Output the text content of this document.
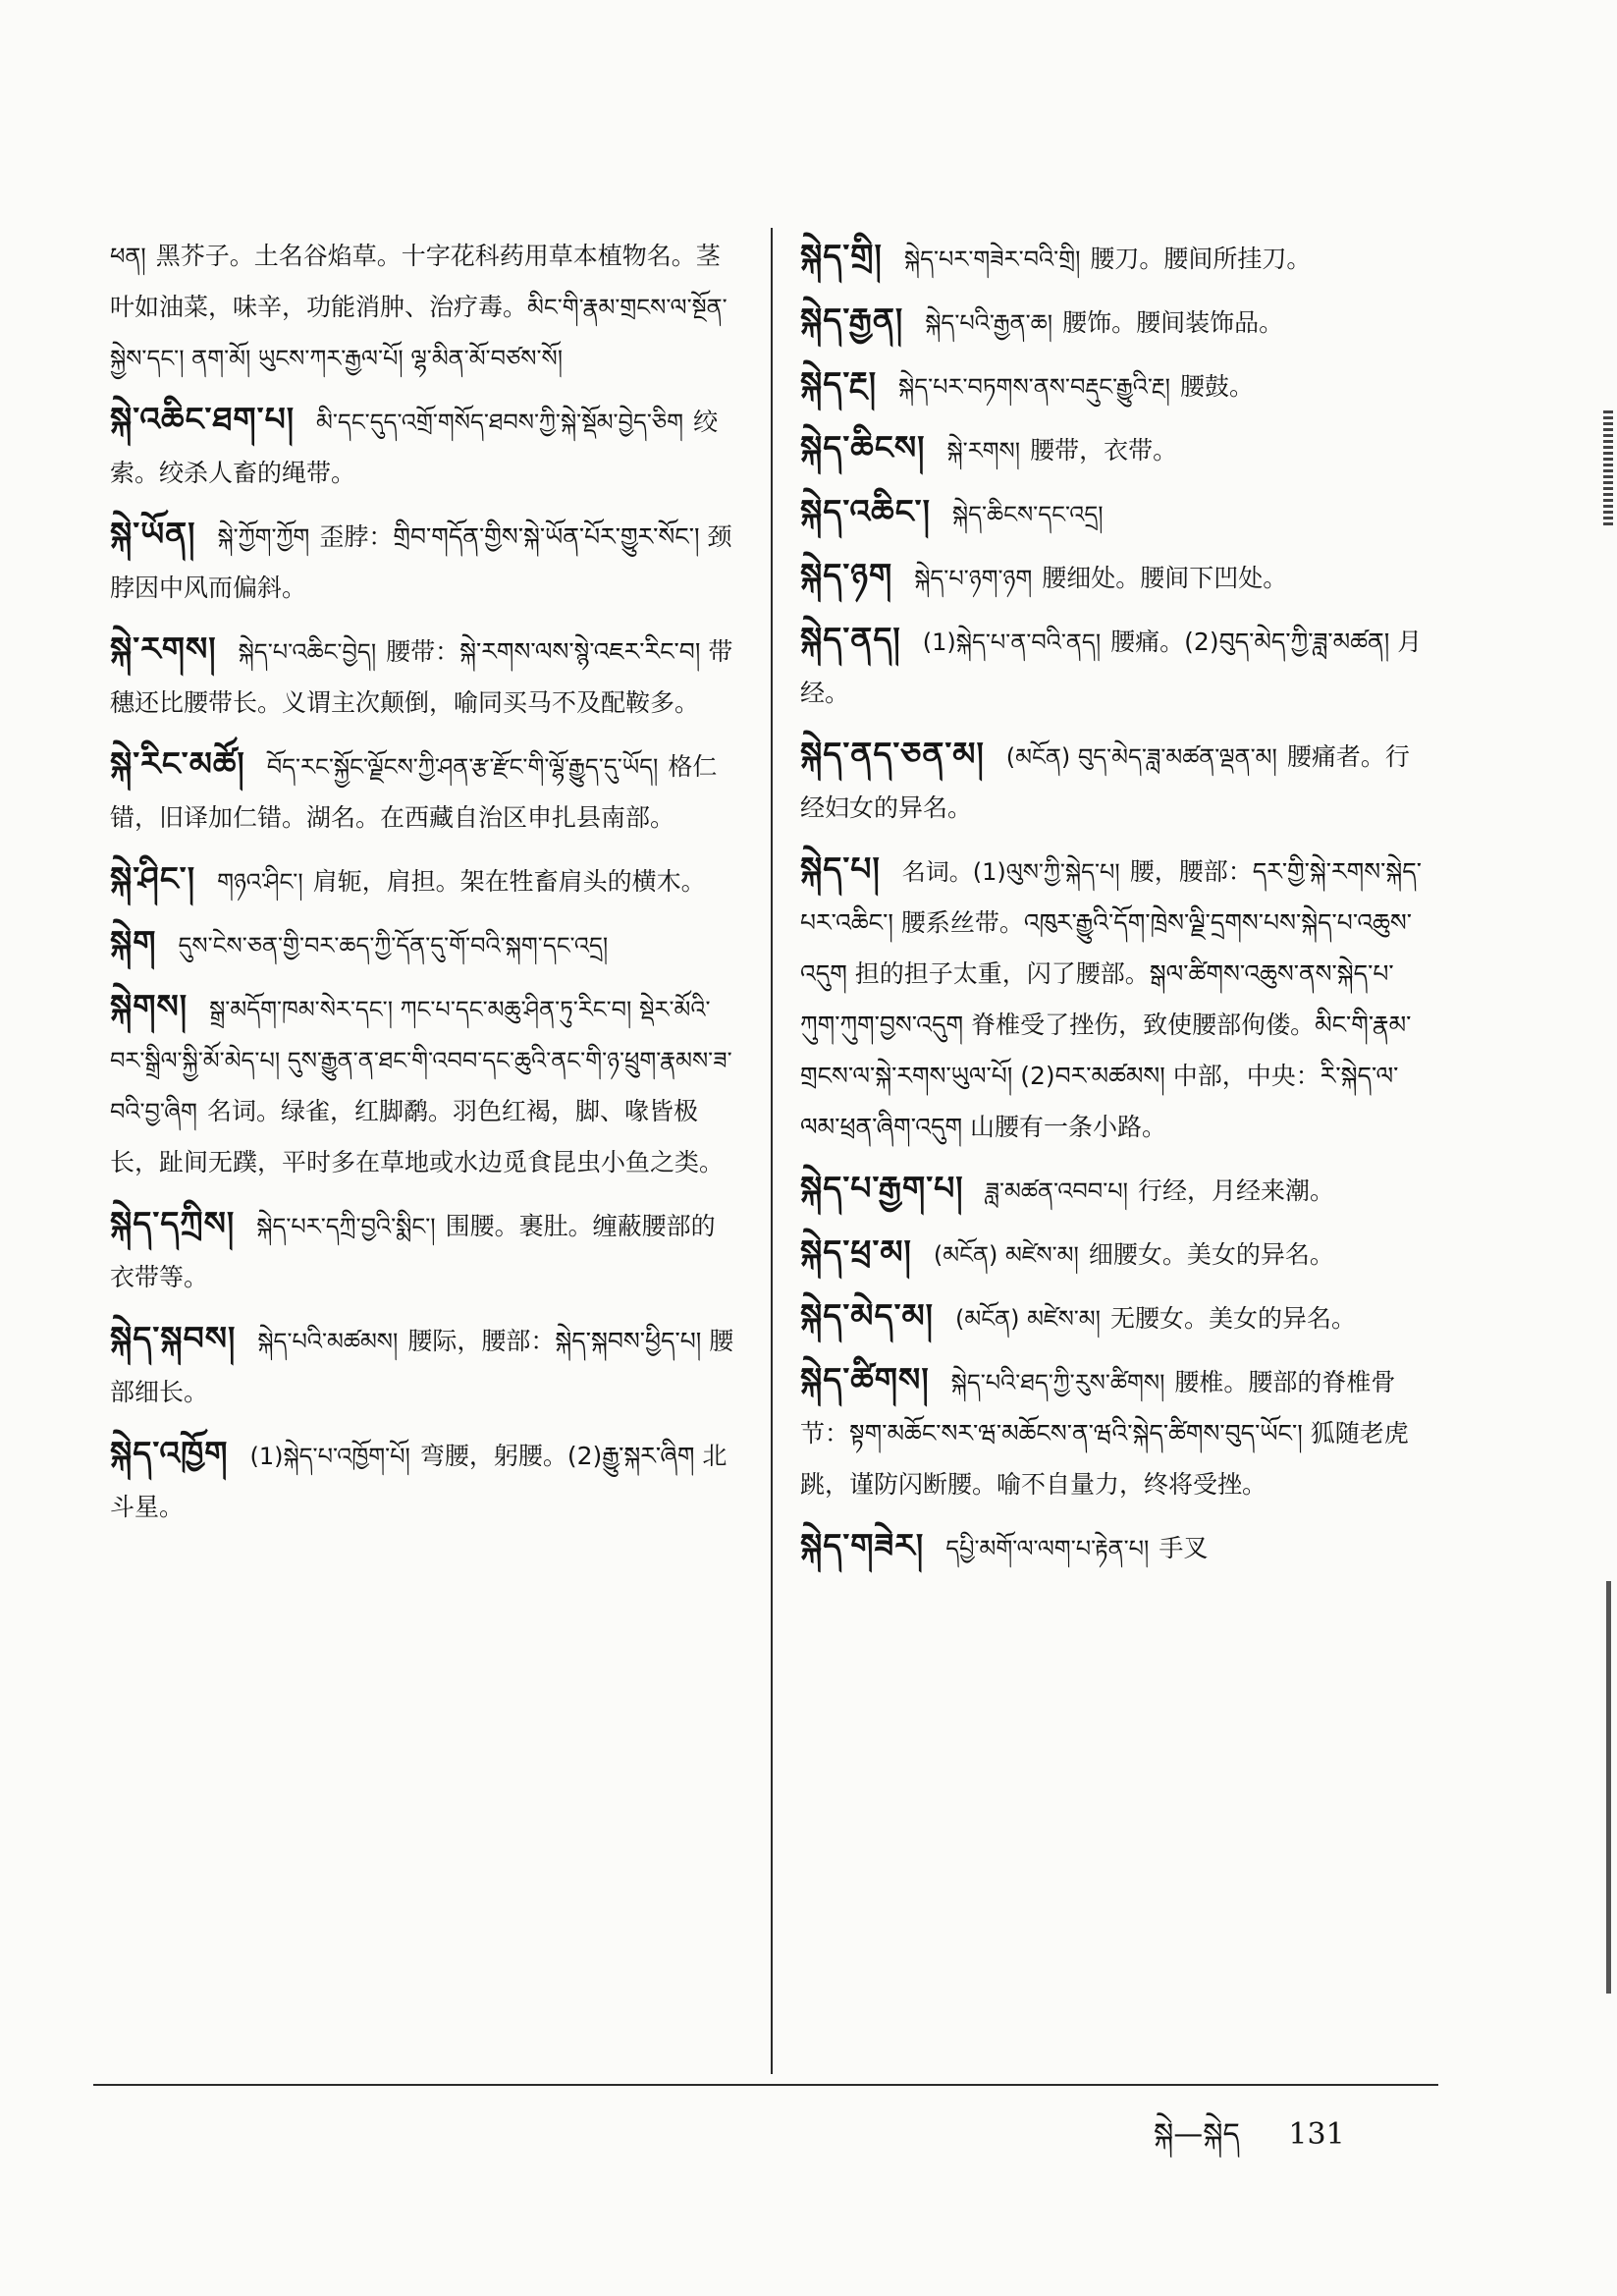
ཕན། 黑芥子。土名谷焰草。十字花科药用草本植物名。茎叶如油菜，味辛，功能消肿、治疗毒。མིང་གི་རྣམ་གྲངས་ལ་སྔོན་སྐྱེས་དང་། ནག་མོ། ཡུངས་ཀར་རྒྱལ་པོ། ལྷ་མིན་མོ་བཙས་སོ།
སྐེ་འཆིང་ཐག་པ། མི་དང་དུད་འགྲོ་གསོད་ཐབས་ཀྱི་སྐེ་སྡོམ་བྱེད་ཅིག 绞索。绞杀人畜的绳带。
སྐེ་ཡོན། སྐེ་ཀྱོག་ཀྱོག 歪脖：གྲིབ་གདོན་གྱིས་སྐེ་ཡོན་པོར་གྱུར་སོང་། 颈脖因中风而偏斜。
སྐེ་རགས། སྐེད་པ་འཆིང་བྱེད། 腰带：སྐེ་རགས་ལས་སྙེ་འཇར་རིང་བ། 带穗还比腰带长。义谓主次颠倒，喻同买马不及配鞍多。
སྐེ་རིང་མཚོ། བོད་རང་སྐྱོང་ལྗོངས་ཀྱི་ཤན་རྩ་རྫོང་གི་ལྷོ་རྒྱུད་དུ་ཡོད། 格仁错，旧译加仁错。湖名。在西藏自治区申扎县南部。
སྐེ་ཤིང་། གཉའ་ཤིང་། 肩轭，肩担。架在牲畜肩头的横木。
སྐེག དུས་ངེས་ཅན་གྱི་བར་ཆད་ཀྱི་དོན་དུ་གོ་བའི་སྐག་དང་འདྲ།
སྐེགས། སྒྲ་མདོག་ཁམ་སེར་དང་། ཀང་པ་དང་མཆུ་ཤིན་ཏུ་རིང་བ། སྡེར་མོའི་བར་སྒྲིལ་སྐྱི་མོ་མེད་པ། དུས་རྒྱུན་ན་ཐང་གི་འབབ་དང་ཆུའི་ནང་གི་ཉ་ཕྲུག་རྣམས་ཟ་བའི་བྱ་ཞིག 名词。绿雀，红脚鹬。羽色红褐，脚、喙皆极长，趾间无蹼，平时多在草地或水边觅食昆虫小鱼之类。
སྐེད་དཀྲིས། སྐེད་པར་དཀྲི་བྱའི་སྨིང་། 围腰。裹肚。缠蔽腰部的衣带等。
སྐེད་སྐབས། སྐེད་པའི་མཚམས། 腰际，腰部：སྐེད་སྐབས་ཕྱིད་པ། 腰部细长。
སྐེད་འཁྱོག (1)སྐེད་པ་འཁྱོག་པོ། 弯腰，躬腰。(2)རྒྱུ་སྐར་ཞིག 北斗星。
སྐེད་གྲི། སྐེད་པར་གཟེར་བའི་གྲི། 腰刀。腰间所挂刀。
སྐེད་རྒྱན། སྐེད་པའི་རྒྱན་ཆ། 腰饰。腰间装饰品。
སྐེད་རྔ། སྐེད་པར་བཏགས་ནས་བརྡུང་རྒྱུའི་རྔ། 腰鼓。
སྐེད་ཆིངས། སྐེ་རགས། 腰带，衣带。
སྐེད་འཆིང་། སྐེད་ཆིངས་དང་འདྲ།
སྐེད་ཉག སྐེད་པ་ཉག་ཉག 腰细处。腰间下凹处。
སྐེད་ནད། (1)སྐེད་པ་ན་བའི་ནད། 腰痛。(2)བུད་མེད་ཀྱི་ཟླ་མཚན། 月经。
སྐེད་ནད་ཅན་མ། (མངོན) བུད་མེད་ཟླ་མཚན་ལྡན་མ། 腰痛者。行经妇女的异名。
སྐེད་པ། 名词。(1)ལུས་ཀྱི་སྐེད་པ། 腰，腰部：དར་གྱི་སྐེ་རགས་སྐེད་པར་འཆིང་། 腰系丝带。འཁུར་རྒྱུའི་དོག་ཁྲེས་ལྗི་དྲགས་པས་སྐེད་པ་འཆུས་འདུག 担的担子太重，闪了腰部。སྒལ་ཚིགས་འཆུས་ནས་སྐེད་པ་ཀུག་ཀུག་བྱས་འདུག 脊椎受了挫伤，致使腰部佝偻。མིང་གི་རྣམ་གྲངས་ལ་སྐེ་རགས་ཡུལ་པོ། (2)བར་མཚམས། 中部，中央：རི་སྐེད་ལ་ལམ་ཕྲན་ཞིག་འདུག 山腰有一条小路。
སྐེད་པ་རྒྱག་པ། ཟླ་མཚན་འབབ་པ། 行经，月经来潮。
སྐེད་ཕྲ་མ། (མངོན) མཛེས་མ། 细腰女。美女的异名。
སྐེད་མེད་མ། (མངོན) མཛེས་མ། 无腰女。美女的异名。
སྐེད་ཚིགས། སྐེད་པའི་ཐད་ཀྱི་རུས་ཚིགས། 腰椎。腰部的脊椎骨节：སྟག་མཆོང་སར་ཝ་མཆོངས་ན་ཝའི་སྐེད་ཚིགས་བུད་ཡོང་། 狐随老虎跳，谨防闪断腰。喻不自量力，终将受挫。
སྐེད་གཟེར། དཔྱི་མགོ་ལ་ལག་པ་རྟེན་པ། 手叉
སྐེ—སྐེད 131
